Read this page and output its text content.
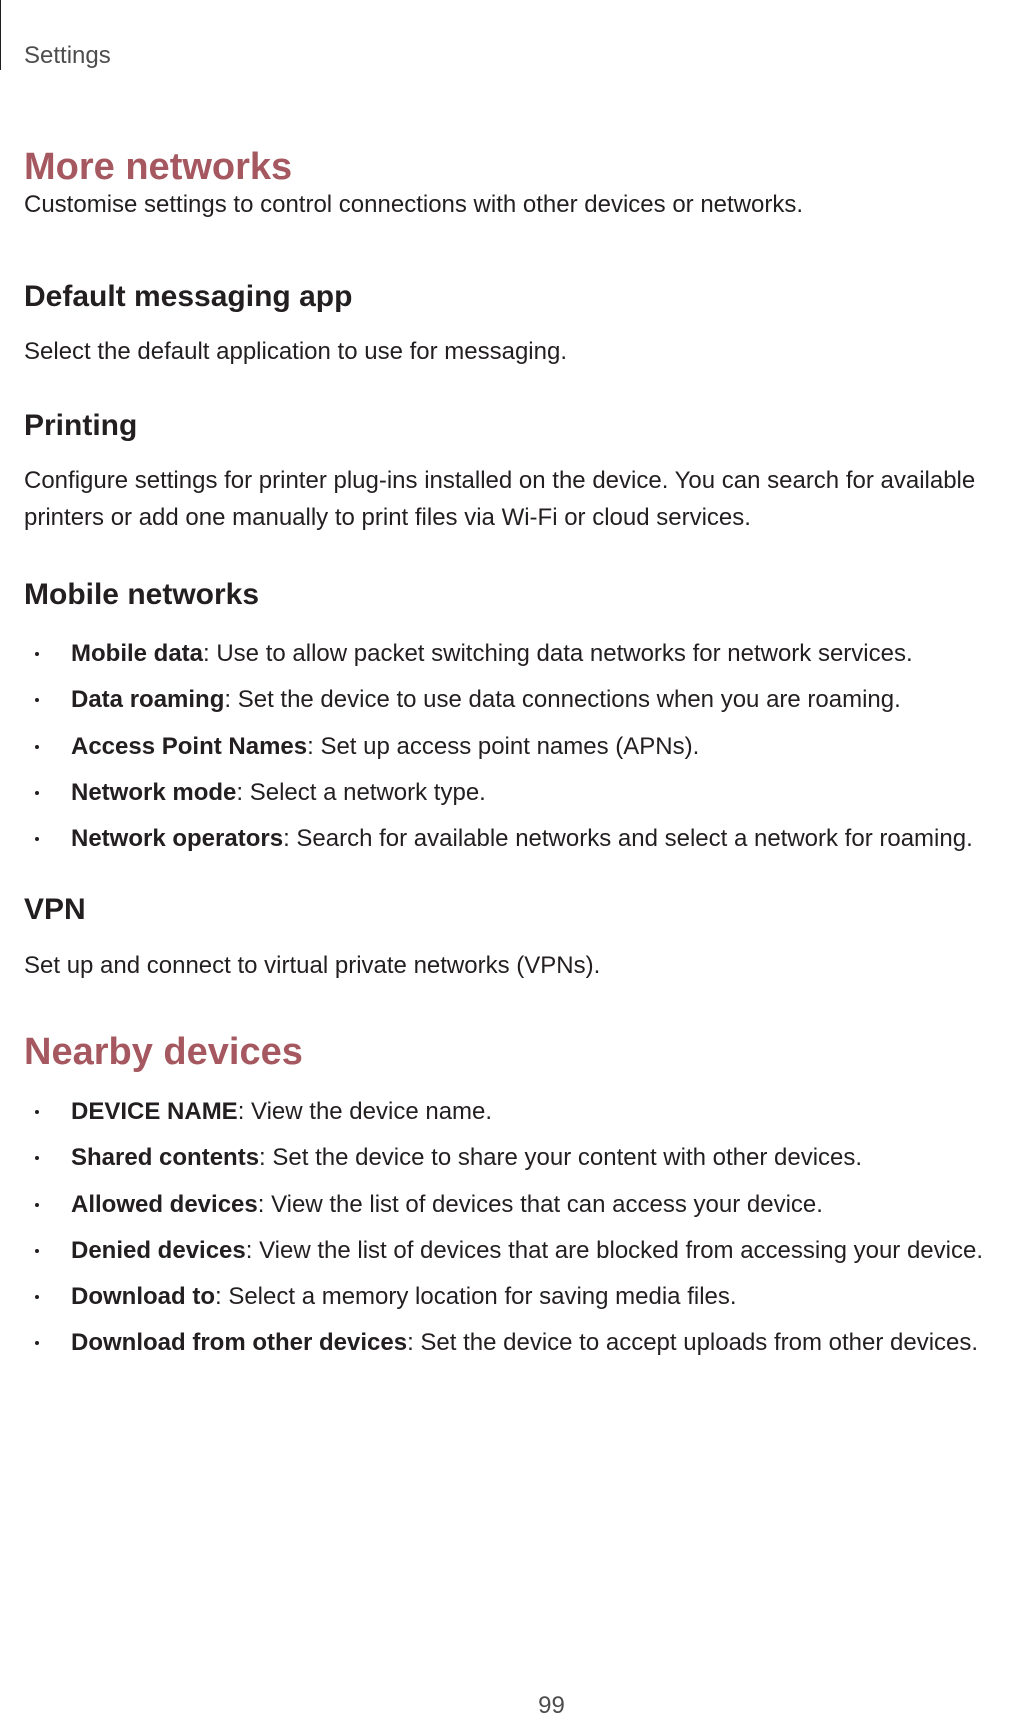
Settings
More networks
Customise settings to control connections with other devices or networks.
Default messaging app
Select the default application to use for messaging.
Printing
Configure settings for printer plug-ins installed on the device. You can search for available
printers or add one manually to print files via Wi-Fi or cloud services.
Mobile networks
Mobile data: Use to allow packet switching data networks for network services.
Data roaming: Set the device to use data connections when you are roaming.
Access Point Names: Set up access point names (APNs).
Network mode: Select a network type.
Network operators: Search for available networks and select a network for roaming.
VPN
Set up and connect to virtual private networks (VPNs).
Nearby devices
DEVICE NAME: View the device name.
Shared contents: Set the device to share your content with other devices.
Allowed devices: View the list of devices that can access your device.
Denied devices: View the list of devices that are blocked from accessing your device.
Download to: Select a memory location for saving media files.
Download from other devices: Set the device to accept uploads from other devices.
99
